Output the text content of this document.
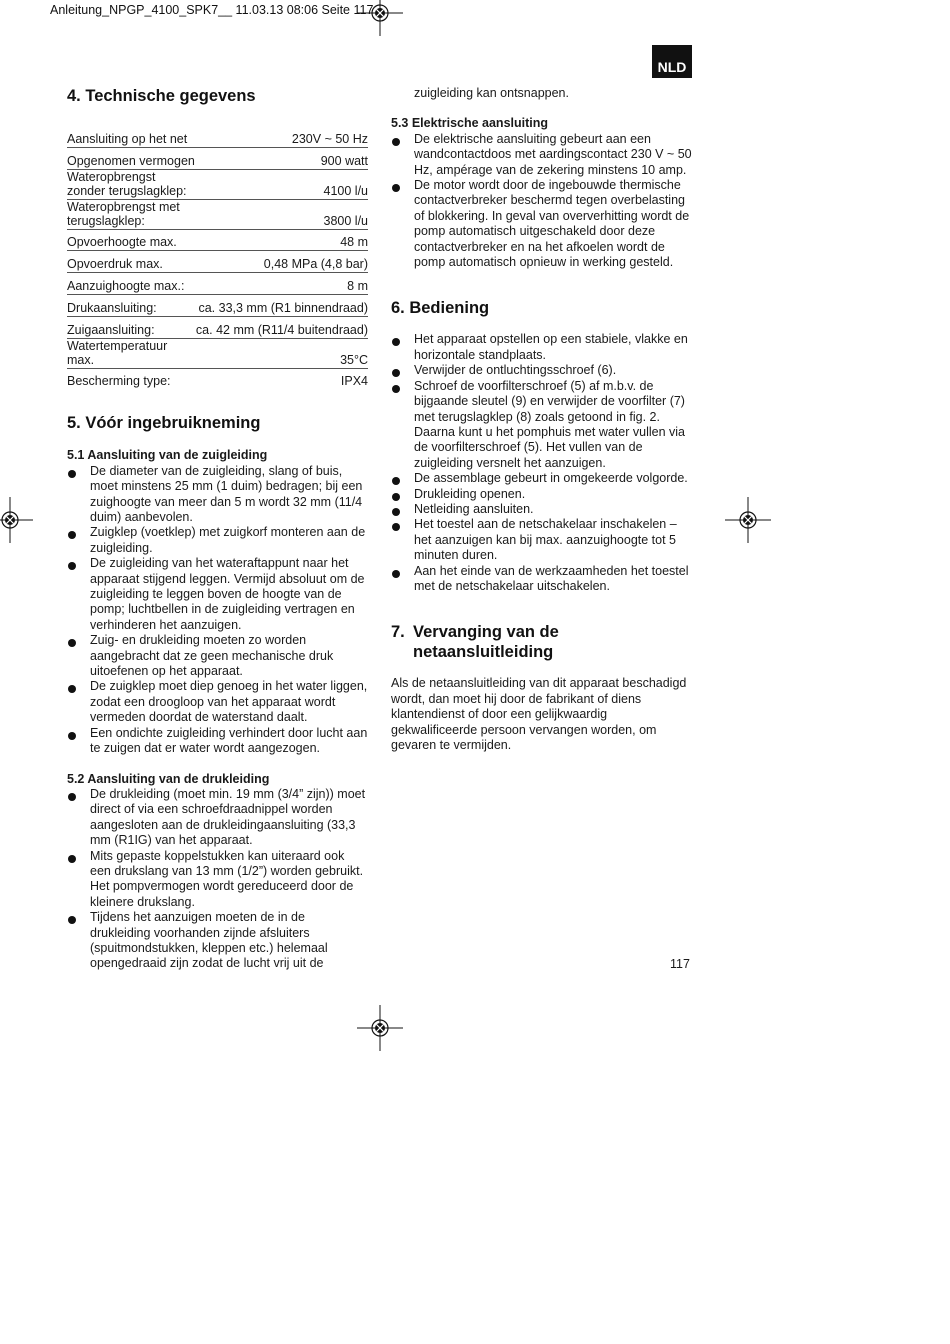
Anleitung_NPGP_4100_SPK7__ 11.03.13 08:06 Seite 117
NLD
4. Technische gegevens
Aansluiting op het net	230V ~ 50 Hz
Opgenomen vermogen	900 watt
Wateropbrengst zonder terugslagklep:	4100 l/u
Wateropbrengst met terugslagklep:	3800 l/u
Opvoerhoogte max.	48 m
Opvoerdruk max.	0,48 MPa (4,8 bar)
Aanzuighoogte max.:	8 m
Drukaansluiting:	ca. 33,3 mm (R1 binnendraad)
Zuigaansluiting:	ca. 42 mm (R11/4 buitendraad)
Watertemperatuur max.	35°C
Bescherming type:	IPX4
5. Vóór ingebruikneming
5.1 Aansluiting van de zuigleiding
De diameter van de zuigleiding, slang of buis, moet minstens 25 mm (1 duim) bedragen; bij een zuighoogte van meer dan 5 m wordt 32 mm (11/4 duim) aanbevolen.
Zuigklep (voetklep) met zuigkorf monteren aan de zuigleiding.
De zuigleiding van het wateraftappunt naar het apparaat stijgend leggen. Vermijd absoluut om de zuigleiding te leggen boven de hoogte van de pomp; luchtbellen in de zuigleiding vertragen en verhinderen het aanzuigen.
Zuig- en drukleiding moeten zo worden aangebracht dat ze geen mechanische druk uitoefenen op het apparaat.
De zuigklep moet diep genoeg in het water liggen, zodat een droogloop van het apparaat wordt vermeden doordat de waterstand daalt.
Een ondichte zuigleiding verhindert door lucht aan te zuigen dat er water wordt aangezogen.
5.2 Aansluiting van de drukleiding
De drukleiding (moet min. 19 mm (3/4” zijn)) moet direct of via een schroefdraadnippel worden aangesloten aan de drukleidingaansluiting (33,3 mm (R1IG) van het apparaat.
Mits gepaste koppelstukken kan uiteraard ook een drukslang van 13 mm (1/2”) worden gebruikt. Het pompvermogen wordt gereduceerd door de kleinere drukslang.
Tijdens het aanzuigen moeten de in de drukleiding voorhanden zijnde afsluiters (spuitmondstukken, kleppen etc.) helemaal opengedraaid zijn zodat de lucht vrij uit de

zuigleiding kan ontsnappen.

5.3 Elektrische aansluiting
De elektrische aansluiting gebeurt aan een wandcontactdoos met aardingscontact 230 V ~ 50 Hz, ampérage van de zekering minstens 10 amp.
De motor wordt door de ingebouwde thermische contactverbreker beschermd tegen overbelasting of blokkering. In geval van oververhitting wordt de pomp automatisch uitgeschakeld door deze contactverbreker en na het afkoelen wordt de pomp automatisch opnieuw in werking gesteld.
6. Bediening
Het apparaat opstellen op een stabiele, vlakke en horizontale standplaats.
Verwijder de ontluchtingsschroef (6).
Schroef de voorfilterschroef (5) af m.b.v. de bijgaande sleutel (9) en verwijder de voorfilter (7) met terugslagklep (8) zoals getoond in fig. 2. Daarna kunt u het pomphuis met water vullen via de voorfilterschroef (5). Het vullen van de zuigleiding versnelt het aanzuigen.
De assemblage gebeurt in omgekeerde volgorde.
Drukleiding openen.
Netleiding aansluiten.
Het toestel aan de netschakelaar inschakelen – het aanzuigen kan bij max. aanzuighoogte tot 5 minuten duren.
Aan het einde van de werkzaamheden het toestel met de netschakelaar uitschakelen.
7. Vervanging van de
netaansluitleiding

Als de netaansluitleiding van dit apparaat beschadigd wordt, dan moet hij door de fabrikant of diens klantendienst of door een gelijkwaardig gekwalificeerde persoon vervangen worden, om gevaren te vermijden.

117
